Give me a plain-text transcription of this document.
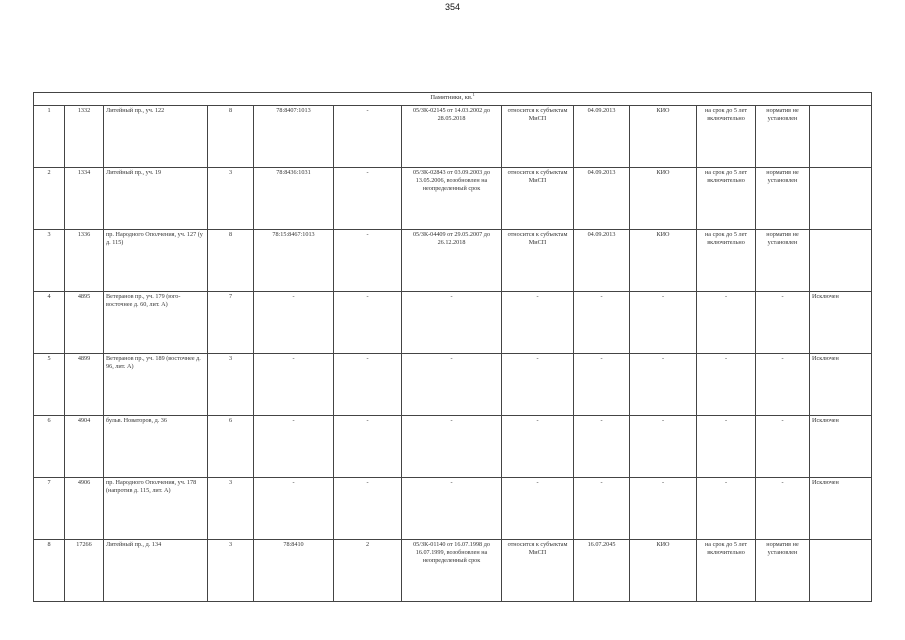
354
Памятники, кв.$^1$
1	1332	Литейный пр., уч. 122	8	78:8407:1013	-	05/ЗК-02145 от 14.03.2002 до 28.05.2018	относится к субъектам МиСП	04.09.2013	КИО	на срок до 5 лет включительно	норматив не установлен	
2	1334	Литейный пр., уч. 19	3	78:8436:1031	-	05/ЗК-02843 от 03.09.2003 до 13.05.2006, возобновлен на неопределенный срок	относится к субъектам МиСП	04.09.2013	КИО	на срок до 5 лет включительно	норматив не установлен	
3	1336	пр. Народного Ополчения, уч. 127 (у д. 115)	8	78:15:8467:1013	-	05/ЗК-04409 от 29.05.2007 до 26.12.2018	относится к субъектам МиСП	04.09.2013	КИО	на срок до 5 лет включительно	норматив не установлен	
4	4895	Ветеранов пр., уч. 179 (юго-восточнее д. 60, лит. А)	7	-	-	-	-	-	-	-	-	Исключен
5	4899	Ветеранов пр., уч. 189 (восточнее д. 96, лит. А)	3	-	-	-	-	-	-	-	-	Исключен
6	4904	бульв. Новаторов, д. 36	6	-	-	-	-	-	-	-	-	Исключен
7	4906	пр. Народного Ополчения, уч. 178 (напротив д. 115, лит. А)	3	-	-	-	-	-	-	-	-	Исключен
8	17266	Литейный пр., д. 134	3	78:8410	2	05/ЗК-01140 от 16.07.1998 до 16.07.1999, возобновлен на неопределенный срок	относится к субъектам МиСП	16.07.2045	КИО	на срок до 5 лет включительно	норматив не установлен	
